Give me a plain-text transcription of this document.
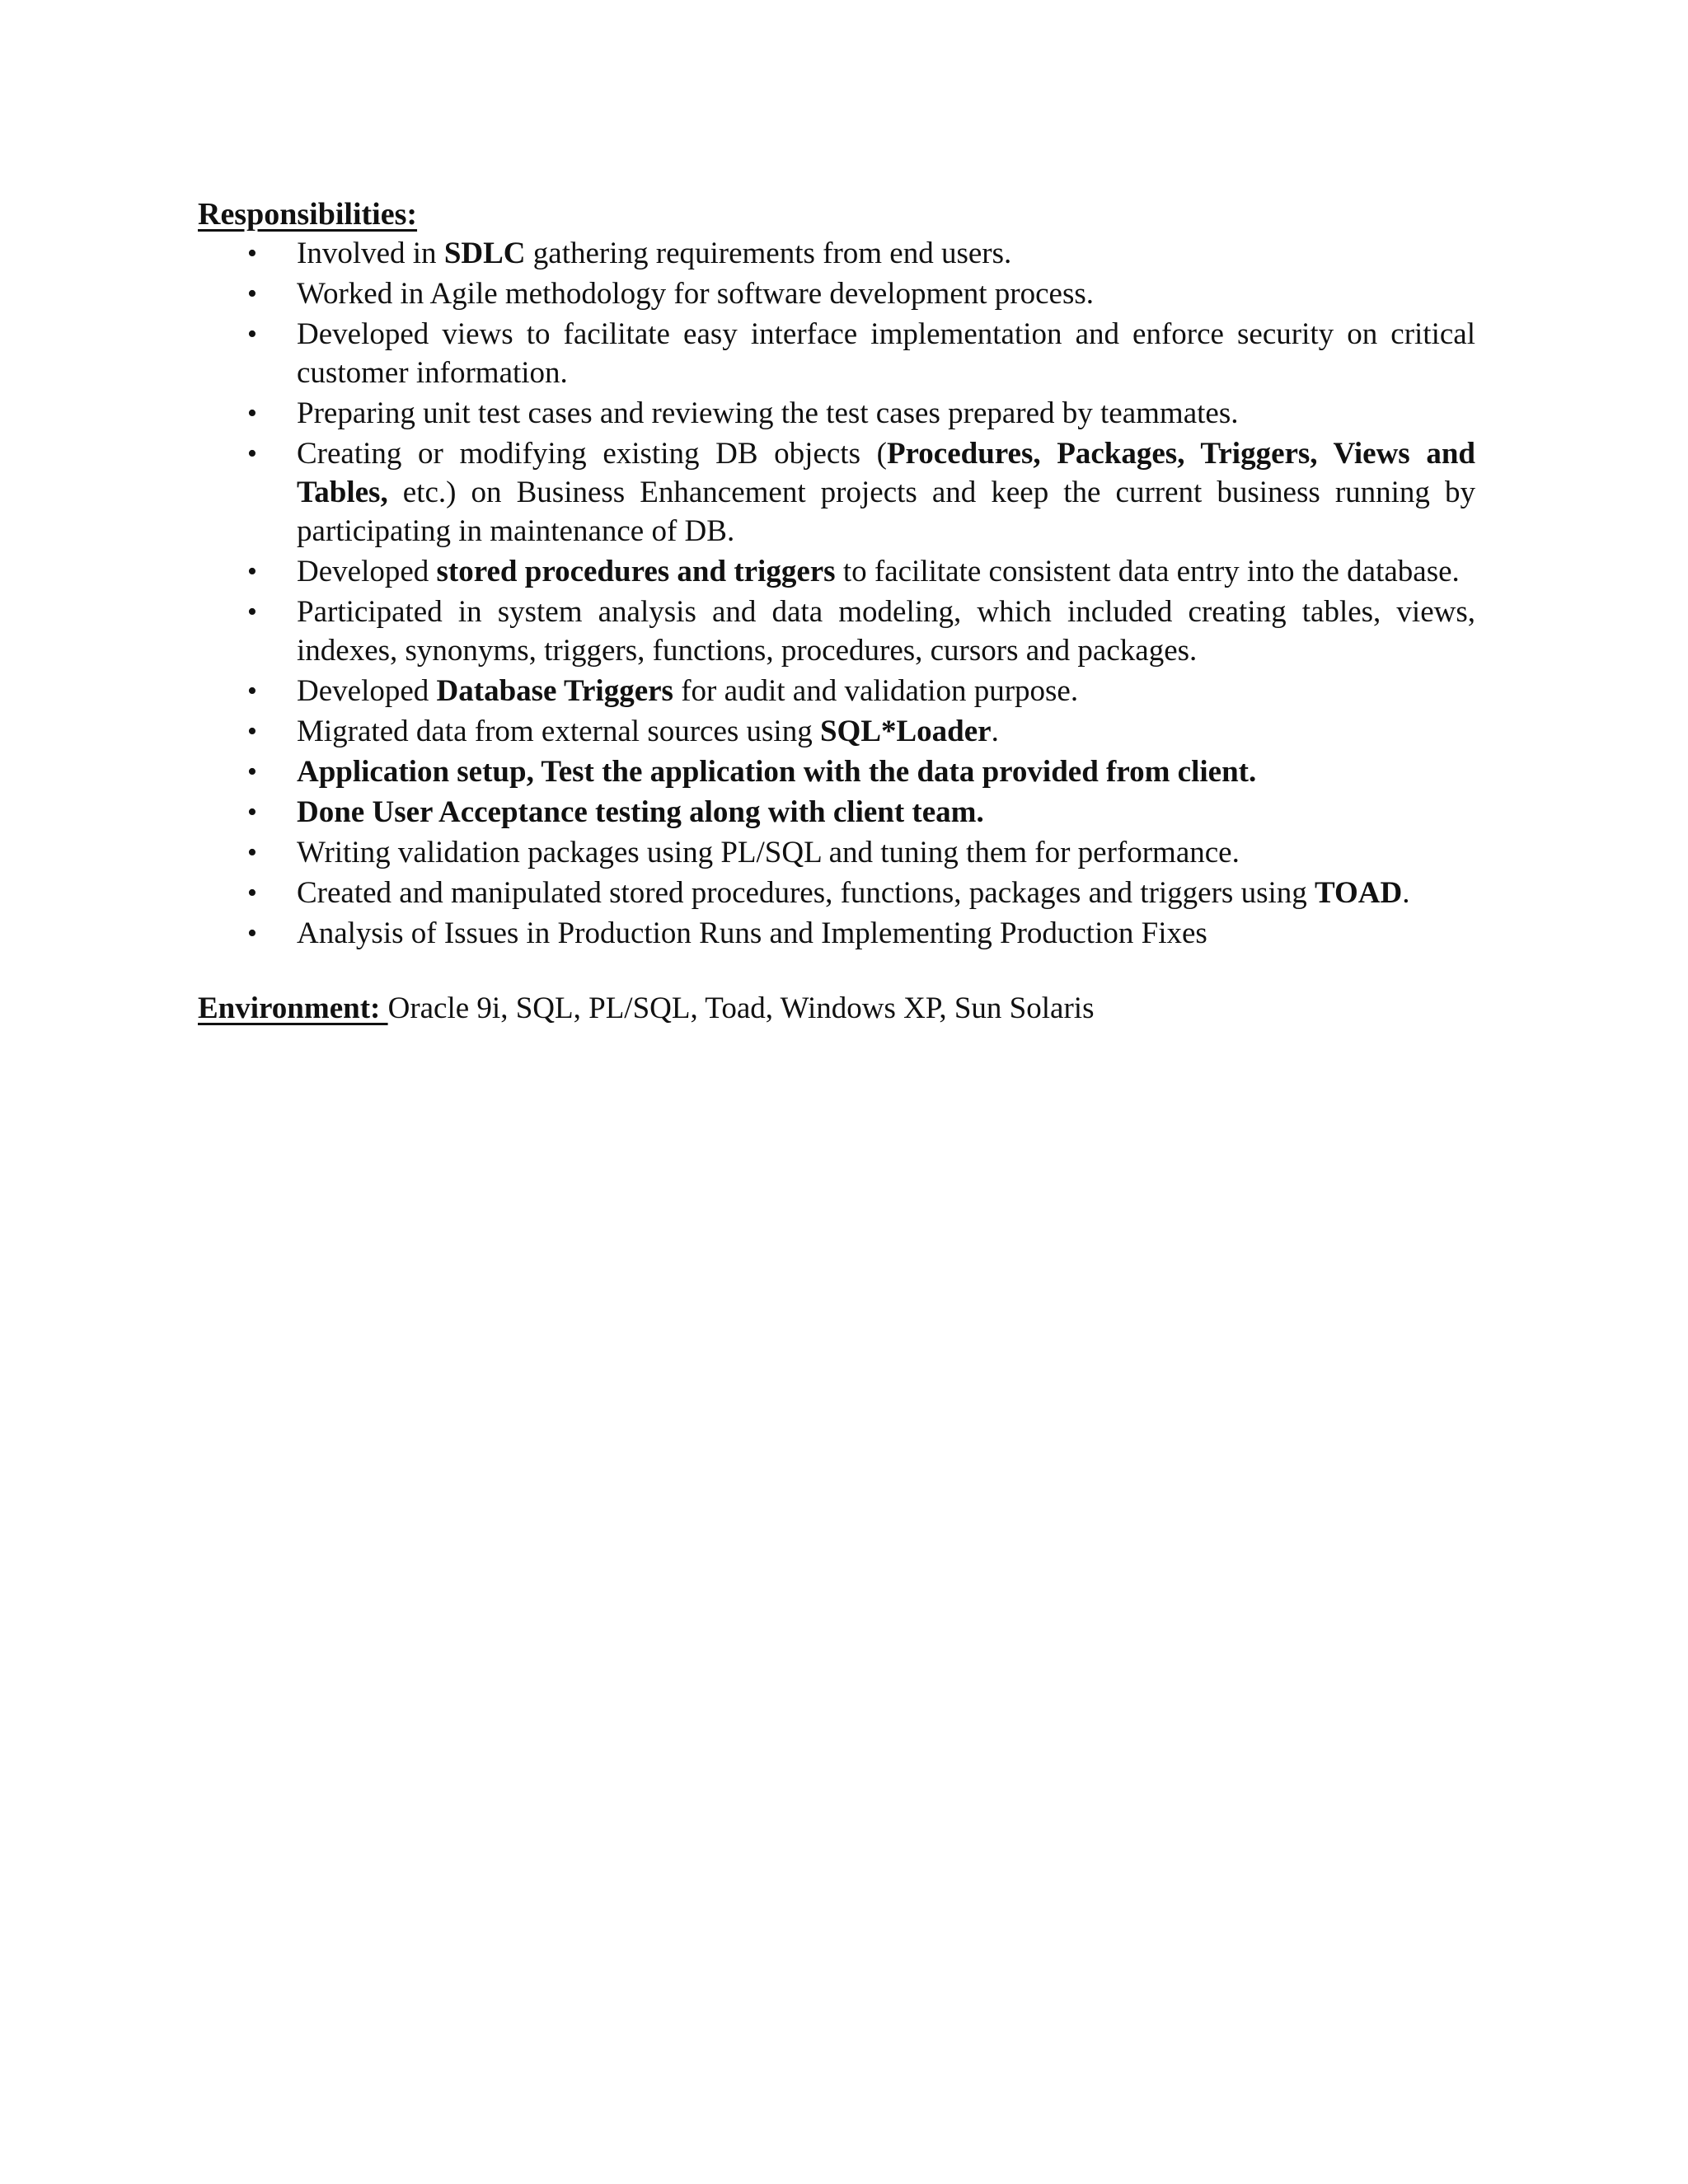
Responsibilities:

• Involved in SDLC gathering requirements from end users.
• Worked in Agile methodology for software development process.
• Developed views to facilitate easy interface implementation and enforce security on critical customer information.
• Preparing unit test cases and reviewing the test cases prepared by teammates.
• Creating or modifying existing DB objects (Procedures, Packages, Triggers, Views and Tables, etc.) on Business Enhancement projects and keep the current business running by participating in maintenance of DB.
• Developed stored procedures and triggers to facilitate consistent data entry into the database.
• Participated in system analysis and data modeling, which included creating tables, views, indexes, synonyms, triggers, functions, procedures, cursors and packages.
• Developed Database Triggers for audit and validation purpose.
• Migrated data from external sources using SQL*Loader.
• Application setup, Test the application with the data provided from client.
• Done User Acceptance testing along with client team.
• Writing validation packages using PL/SQL and tuning them for performance.
• Created and manipulated stored procedures, functions, packages and triggers using TOAD.
• Analysis of Issues in Production Runs and Implementing Production Fixes
Environment: Oracle 9i, SQL, PL/SQL, Toad, Windows XP, Sun Solaris
